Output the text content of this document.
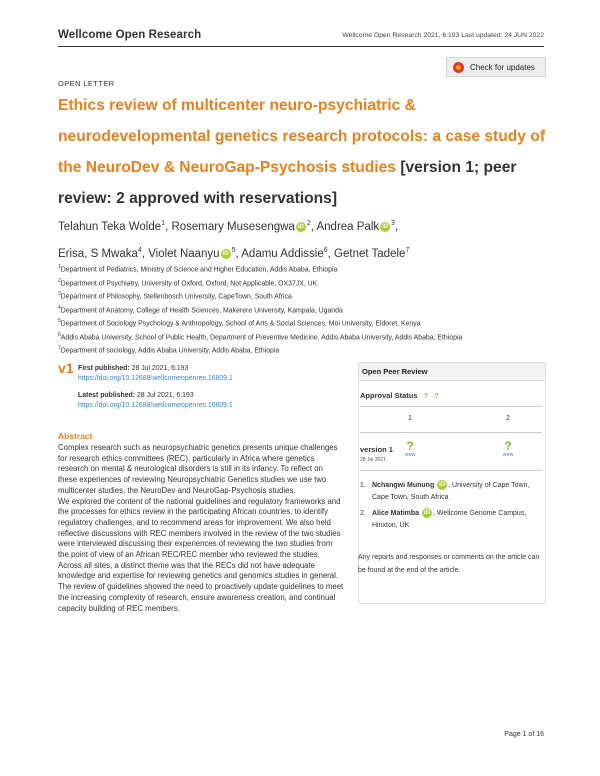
Wellcome Open Research	Wellcome Open Research 2021, 6:193 Last updated: 24 JUN 2022
Check for updates
OPEN LETTER
Ethics review of multicenter neuro-psychiatric & neurodevelopmental genetics research protocols: a case study of the NeuroDev & NeuroGap-Psychosis studies [version 1; peer review: 2 approved with reservations]
Telahun Teka Wolde$^1$, Rosemary Musesengwa iD $^2$, Andrea Palk iD $^3$,
Erisa, S Mwaka$^4$, Violet Naanyu iD $^5$, Adamu Addissie$^6$, Getnet Tadele$^7$
$^1$Department of Pediatrics, Ministry of Science and Higher Education, Addis Ababa, Ethiopia
$^2$Department of Psychiatry, University of Oxford, Oxford, Not Applicable, OX37JX, UK
$^3$Department of Philosophy, Stellenbosch University, CapeTown, South Africa
$^4$Department of Anatomy, College of Health Sciences, Makerere University, Kampala, Uganda
$^5$Department of Sociology Psychology & Anthropology, School of Arts & Social Sciences, Moi University, Eldoret, Kenya
$^6$Addis Ababa University, School of Public Health, Department of Preventive Medicine, Addis Ababa University, Addis Ababa, Ethiopia
$^7$Department of sociology, Addis Ababa University, Addis Ababa, Ethiopia
v1 First published: 28 Jul 2021, 6:193
https://doi.org/10.12688/wellcomeopenres.16809.1
Latest published: 28 Jul 2021, 6:193
https://doi.org/10.12688/wellcomeopenres.16809.1
Abstract
Complex research such as neuropsychiatric genetics presents unique challenges for research ethics committees (REC), particularly in Africa where genetics research on mental & neurological disorders is still in its infancy. To reflect on these experiences of reviewing Neuropsychiatric Genetics studies we use two multicenter studies, the NeuroDev and NeuroGap-Psychosis studies.
We explored the content of the national guidelines and regulatory frameworks and the processes for ethics review in the participating African countries, to identify regulatory challenges, and to recommend areas for improvement. We also held reflective discussions with REC members involved in the review of the two studies were interviewed discussing their experiences of reviewing the two studies from the point of view of an African REC/REC member who reviewed the studies.
Across all sites, a distinct theme was that the RECs did not have adequate knowledge and expertise for reviewing genetics and genomics studies in general. The review of guidelines showed the need to proactively update guidelines to meet the increasing complexity of research, ensure awareness creation, and continual capacity building of REC members.
Open Peer Review
Approval Status ? ?
1	2
version 1
28 Jul 2021
?
view
?
view
1. Nchangwi Munung iD , University of Cape Town, Cape Town, South Africa
2. Alice Matimba iD , Wellcome Genome Campus, Hinxton, UK
Any reports and responses or comments on the article can be found at the end of the article.
Page 1 of 16
